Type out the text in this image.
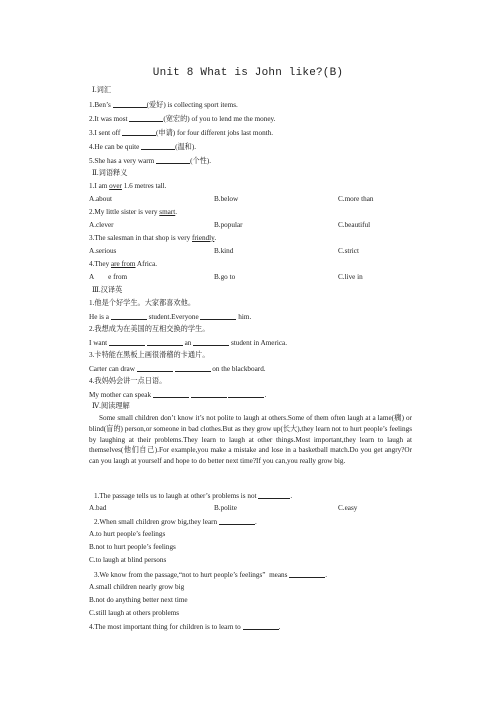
Unit 8 What is John like?(B)
Ⅰ.词汇
1.Ben’s	(爱好) is collecting sport items.
2.It was most	(宽宏的) of you to lend me the money.
3.I sent off	(申请) for four different jobs last month.
4.He can be quite	(温和).
5.She has a very warm	(个性).
Ⅱ.词语释义
1.I am over 1.6 metres tall.
A.about	B.below	C.more than
2.My little sister is very smart.
A.clever	B.popular	C.beautiful
3.The salesman in that shop is very friendly.
A.serious	B.kind	C.strict
4.They are from Africa.
A        e from	B.go to	C.live in
Ⅲ.汉译英
1.他是个好学生。大家都喜欢他。
He is a	student.Everyone	him.
2.我想成为在美国的互相交换的学生。
I want	an	student in America.
3.卡特能在黑板上画很滑稽的卡通片。
Carter can draw	on the blackboard.
4.我妈妈会讲一点日语。
My mother can speak	.
Ⅳ.阅读理解
Some small children don’t know it’s not polite to laugh at others.Some of them often laugh at a lame(瘸) or blind(盲的) person,or someone in bad clothes.But as they grow up(长大),they learn not to hurt people’s feelings by laughing at their problems.They learn to laugh at other things.Most important,they learn to laugh at themselves(他们自己).For example,you make a mistake and lose in a basketball match.Do you get angry?Or can you laugh at yourself and hope to do better next time?If you can,you really grow big.
1.The passage tells us to laugh at other’s problems is not	.
A.bad	B.polite	C.easy
2.When small children grow big,they learn	.
A.to hurt people’s feelings
B.not to hurt people’s feelings
C.to laugh at blind persons
3.We know from the passage,“not to hurt people’s feelings”  means	.
A.small children nearly grow big
B.not do anything better next time
C.still laugh at others problems
4.The most important thing for children is to learn to	.
